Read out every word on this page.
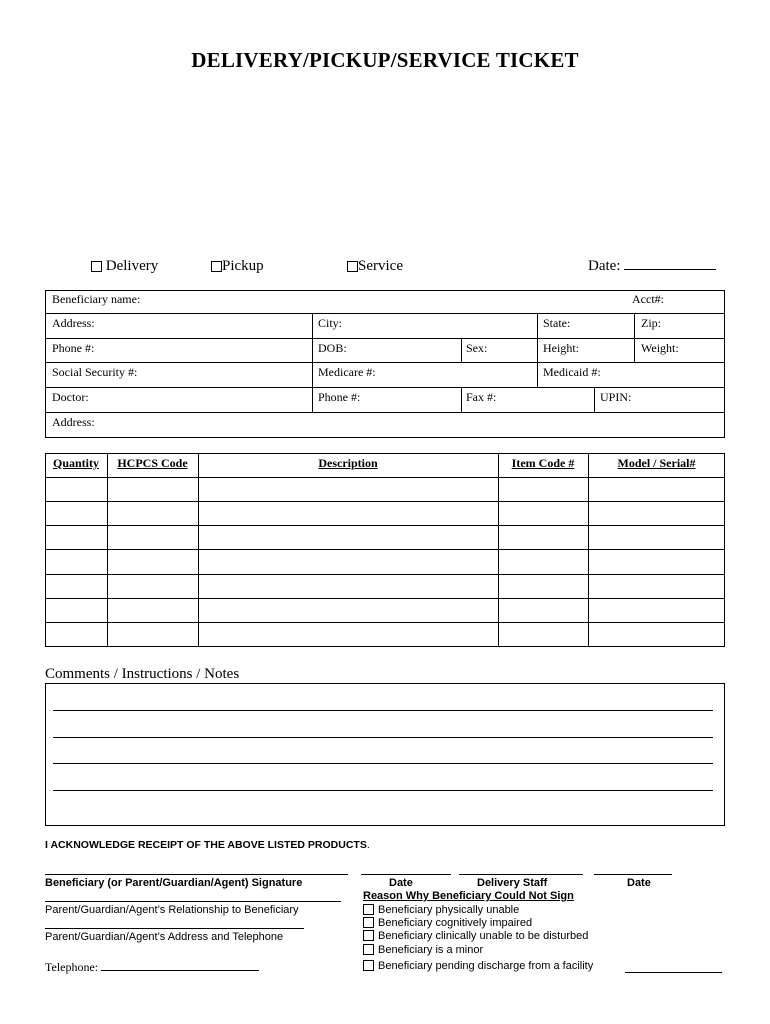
DELIVERY/PICKUP/SERVICE TICKET
Delivery	Pickup	Service	Date:
Beneficiary name:	Acct#:
Address:	City:	State:	Zip:
Phone #:	DOB:	Sex:	Height:	Weight:
Social Security #:	Medicare #:	Medicaid #:
Doctor:	Phone #:	Fax #:	UPIN:
Address:
Quantity	HCPCS Code	Description	Item Code #	Model / Serial#
Comments / Instructions / Notes
I ACKNOWLEDGE RECEIPT OF THE ABOVE LISTED PRODUCTS.
Beneficiary (or Parent/Guardian/Agent) Signature	Date	Delivery Staff	Date
Parent/Guardian/Agent’s Relationship to Beneficiary
Parent/Guardian/Agent’s Address and Telephone
Telephone:
Reason Why Beneficiary Could Not Sign
Beneficiary physically unable
Beneficiary cognitively impaired
Beneficiary clinically unable to be disturbed
Beneficiary is a minor
Beneficiary pending discharge from a facility
